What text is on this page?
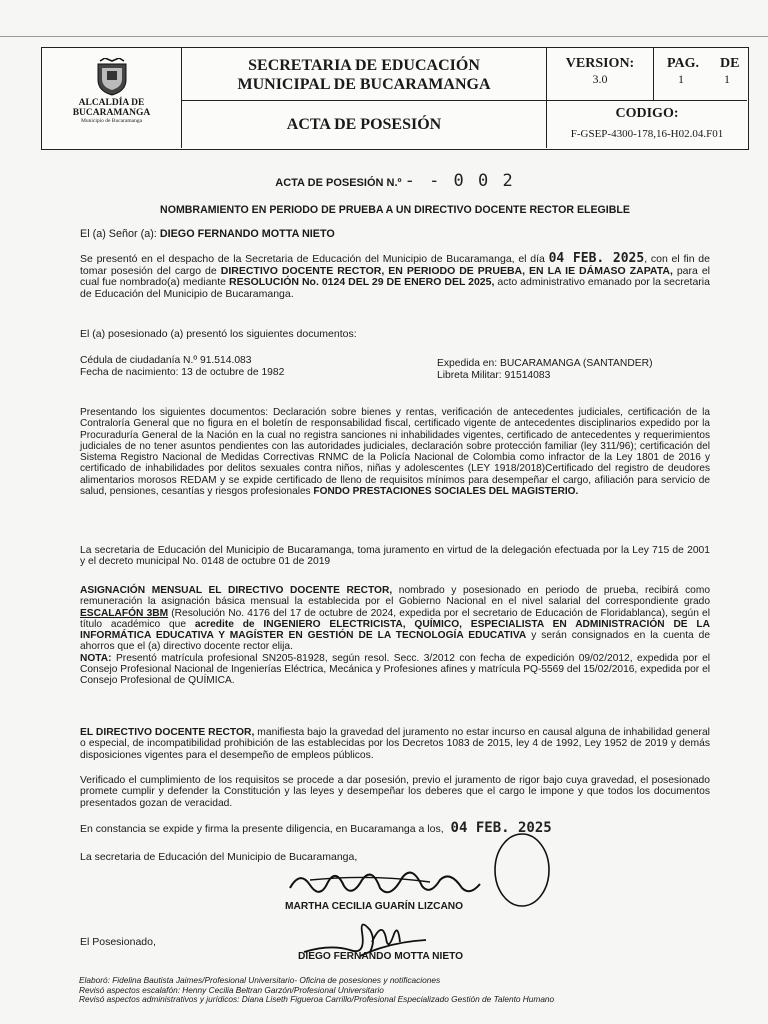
ALCALDÍA DE
BUCARAMANGA
Municipio de Bucaramanga
SECRETARIA DE EDUCACIÓN
MUNICIPAL DE BUCARAMANGA
VERSION:
3.0
PAG. DE
1	1
ACTA DE POSESIÓN
CODIGO:
F-GSEP-4300-178,16-H02.04.F01
ACTA DE POSESIÓN N.º - - 0 0 2
NOMBRAMIENTO EN PERIODO DE PRUEBA A UN DIRECTIVO DOCENTE RECTOR ELEGIBLE
El (a) Señor (a): DIEGO FERNANDO MOTTA NIETO
Se presentó en el despacho de la Secretaria de Educación del Municipio de Bucaramanga, el día 04 FEB. 2025, con el fin de tomar posesión del cargo de DIRECTIVO DOCENTE RECTOR, EN PERIODO DE PRUEBA, EN LA IE DÁMASO ZAPATA, para el cual fue nombrado(a) mediante RESOLUCIÓN No. 0124 DEL 29 DE ENERO DEL 2025, acto administrativo emanado por la secretaria de Educación del Municipio de Bucaramanga.
El (a) posesionado (a) presentó los siguientes documentos:
Cédula de ciudadanía N.º 91.514.083
Fecha de nacimiento: 13 de octubre de 1982
Expedida en: BUCARAMANGA (SANTANDER)
Libreta Militar: 91514083
Presentando los siguientes documentos: Declaración sobre bienes y rentas, verificación de antecedentes judiciales, certificación de la Contraloría General que no figura en el boletín de responsabilidad fiscal, certificado vigente de antecedentes disciplinarios expedido por la Procuraduría General de la Nación en la cual no registra sanciones ni inhabilidades vigentes, certificado de antecedentes y requerimientos judiciales de no tener asuntos pendientes con las autoridades judiciales, declaración sobre protección familiar (ley 311/96); certificación del Sistema Registro Nacional de Medidas Correctivas RNMC de la Policía Nacional de Colombia como infractor de la Ley 1801 de 2016 y certificado de inhabilidades por delitos sexuales contra niños, niñas y adolescentes (LEY 1918/2018)Certificado del registro de deudores alimentarios morosos REDAM y se expide certificado de lleno de requisitos mínimos para desempeñar el cargo, afiliación para servicio de salud, pensiones, cesantías y riesgos profesionales FONDO PRESTACIONES SOCIALES DEL MAGISTERIO.
La secretaria de Educación del Municipio de Bucaramanga, toma juramento en virtud de la delegación efectuada por la Ley 715 de 2001 y el decreto municipal No. 0148 de octubre 01 de 2019
ASIGNACIÓN MENSUAL EL DIRECTIVO DOCENTE RECTOR, nombrado y posesionado en periodo de prueba, recibirá como remuneración la asignación básica mensual la establecida por el Gobierno Nacional en el nivel salarial del correspondiente grado ESCALAFÓN 3BM (Resolución No. 4176 del 17 de octubre de 2024, expedida por el secretario de Educación de Floridablanca), según el título académico que acredite de INGENIERO ELECTRICISTA, QUÍMICO, ESPECIALISTA EN ADMINISTRACIÓN DE LA INFORMÁTICA EDUCATIVA Y MAGÍSTER EN GESTIÓN DE LA TECNOLOGÍA EDUCATIVA y serán consignados en la cuenta de ahorros que el (a) directivo docente rector elija.
NOTA: Presentó matrícula profesional SN205-81928, según resol. Secc. 3/2012 con fecha de expedición 09/02/2012, expedida por el Consejo Profesional Nacional de Ingenierías Eléctrica, Mecánica y Profesiones afines y matrícula PQ-5569 del 15/02/2016, expedida por el Consejo Profesional de QUÍMICA.
EL DIRECTIVO DOCENTE RECTOR, manifiesta bajo la gravedad del juramento no estar incurso en causal alguna de inhabilidad general o especial, de incompatibilidad prohibición de las establecidas por los Decretos 1083 de 2015, ley 4 de 1992, Ley 1952 de 2019 y demás disposiciones vigentes para el desempeño de empleos públicos.
Verificado el cumplimiento de los requisitos se procede a dar posesión, previo el juramento de rigor bajo cuya gravedad, el posesionado promete cumplir y defender la Constitución y las leyes y desempeñar los deberes que el cargo le impone y que todos los documentos presentados gozan de veracidad.
En constancia se expide y firma la presente diligencia, en Bucaramanga a los, 04 FEB. 2025
La secretaria de Educación del Municipio de Bucaramanga,
MARTHA CECILIA GUARÍN LIZCANO
El Posesionado,
DIEGO FERNANDO MOTTA NIETO
Elaboró: Fidelina Bautista Jaimes/Profesional Universitario- Oficina de posesiones y notificaciones
Revisó aspectos escalafón: Henny Cecilia Beltran Garzón/Profesional Universitario
Revisó aspectos administrativos y jurídicos: Diana Liseth Figueroa Carrillo/Profesional Especializado Gestión de Talento Humano
